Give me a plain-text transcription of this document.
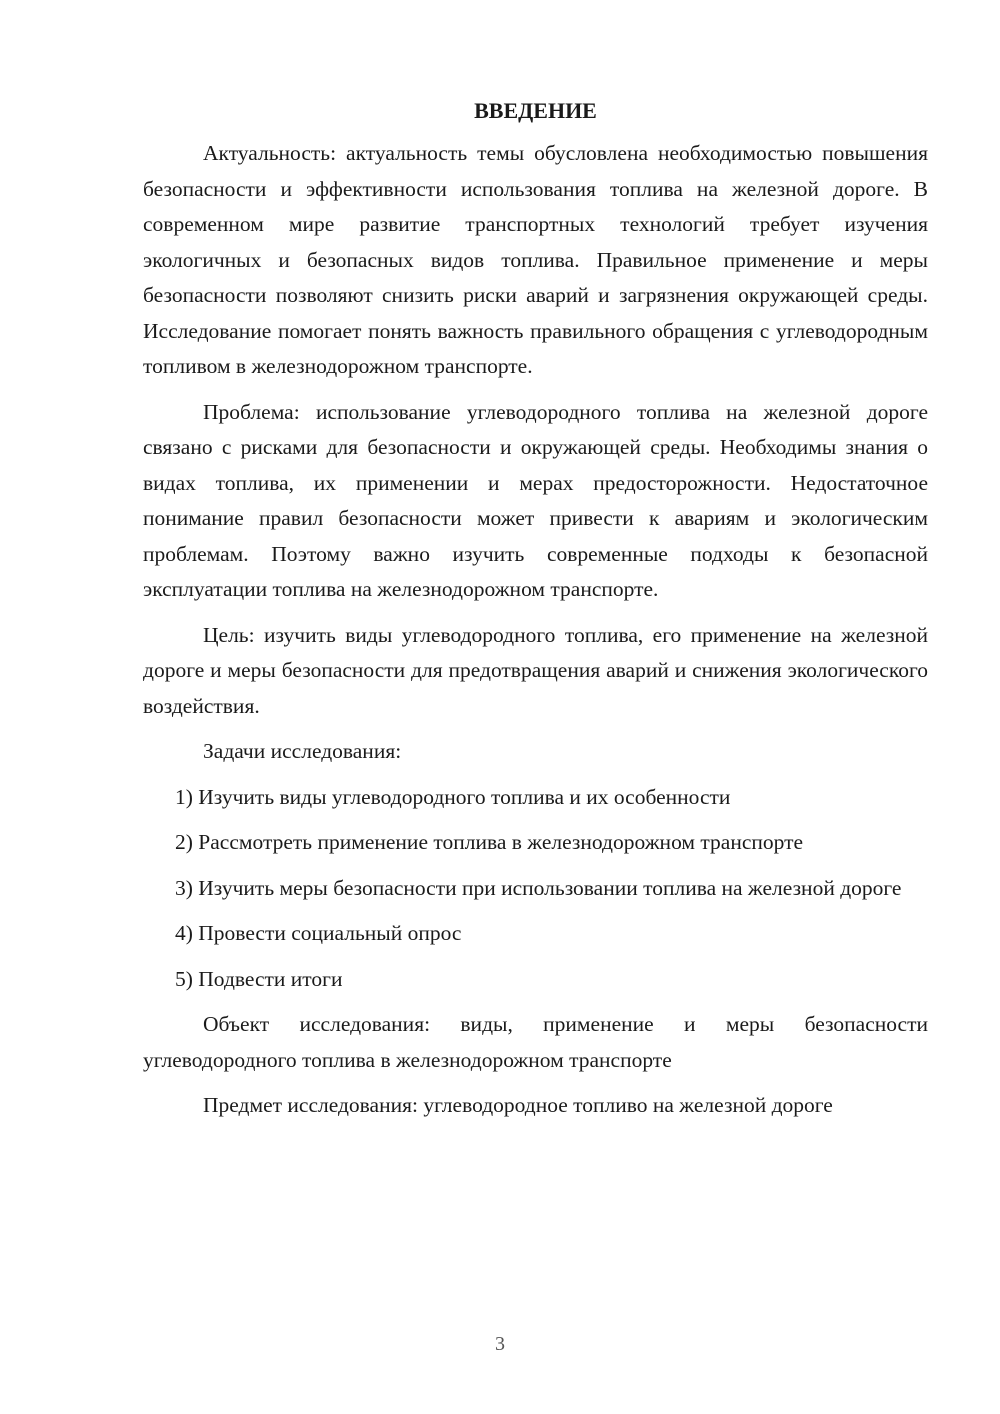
ВВЕДЕНИЕ

Актуальность: актуальность темы обусловлена необходимостью повышения безопасности и эффективности использования топлива на железной дороге. В современном мире развитие транспортных технологий требует изучения экологичных и безопасных видов топлива. Правильное применение и меры безопасности позволяют снизить риски аварий и загрязнения окружающей среды. Исследование помогает понять важность правильного обращения с углеводородным топливом в железнодорожном транспорте.

Проблема: использование углеводородного топлива на железной дороге связано с рисками для безопасности и окружающей среды. Необходимы знания о видах топлива, их применении и мерах предосторожности. Недостаточное понимание правил безопасности может привести к авариям и экологическим проблемам. Поэтому важно изучить современные подходы к безопасной эксплуатации топлива на железнодорожном транспорте.

Цель: изучить виды углеводородного топлива, его применение на железной дороге и меры безопасности для предотвращения аварий и снижения экологического воздействия.

Задачи исследования:

1) Изучить виды углеводородного топлива и их особенности

2) Рассмотреть применение топлива в железнодорожном транспорте

3) Изучить меры безопасности при использовании топлива на железной дороге

4) Провести социальный опрос

5) Подвести итоги

Объект исследования: виды, применение и меры безопасности углеводородного топлива в железнодорожном транспорте

Предмет исследования: углеводородное топливо на железной дороге

3
